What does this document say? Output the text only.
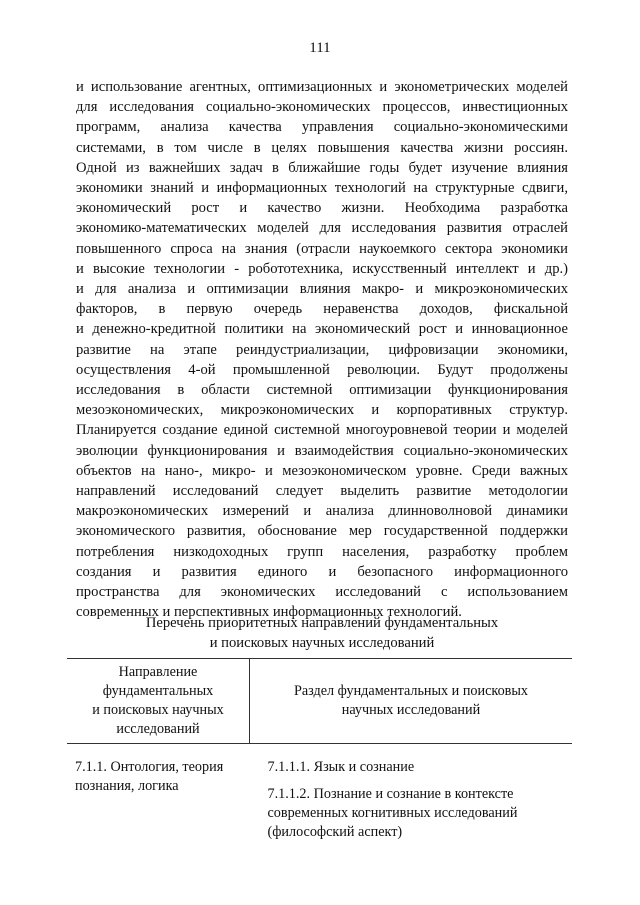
111
и использование агентных, оптимизационных и эконометрических моделей
для исследования социально-экономических процессов, инвестиционных
программ, анализа качества управления социально-экономическими
системами, в том числе в целях повышения качества жизни россиян.
Одной из важнейших задач в ближайшие годы будет изучение влияния
экономики знаний и информационных технологий на структурные сдвиги,
экономический рост и качество жизни. Необходима разработка
экономико-математических моделей для исследования развития отраслей
повышенного спроса на знания (отрасли наукоемкого сектора экономики
и высокие технологии - робототехника, искусственный интеллект и др.)
и для анализа и оптимизации влияния макро- и микроэкономических
факторов, в первую очередь неравенства доходов, фискальной
и денежно-кредитной политики на экономический рост и инновационное
развитие на этапе реиндустриализации, цифровизации экономики,
осуществления 4-ой промышленной революции. Будут продолжены
исследования в области системной оптимизации функционирования
мезоэкономических, микроэкономических и корпоративных структур.
Планируется создание единой системной многоуровневой теории и моделей
эволюции функционирования и взаимодействия социально-экономических
объектов на нано-, микро- и мезоэкономическом уровне. Среди важных
направлений исследований следует выделить развитие методологии
макроэкономических измерений и анализа длинноволновой динамики
экономического развития, обоснование мер государственной поддержки
потребления низкодоходных групп населения, разработку проблем
создания и развития единого и безопасного информационного
пространства для экономических исследований с использованием
современных и перспективных информационных технологий.
Перечень приоритетных направлений фундаментальных
и поисковых научных исследований
Направление
фундаментальных
и поисковых научных
исследований	Раздел фундаментальных и поисковых
научных исследований

7.1.1. Онтология, теория познания, логика	7.1.1.1. Язык и сознание
7.1.1.2. Познание и сознание в контексте современных когнитивных исследований (философский аспект)
